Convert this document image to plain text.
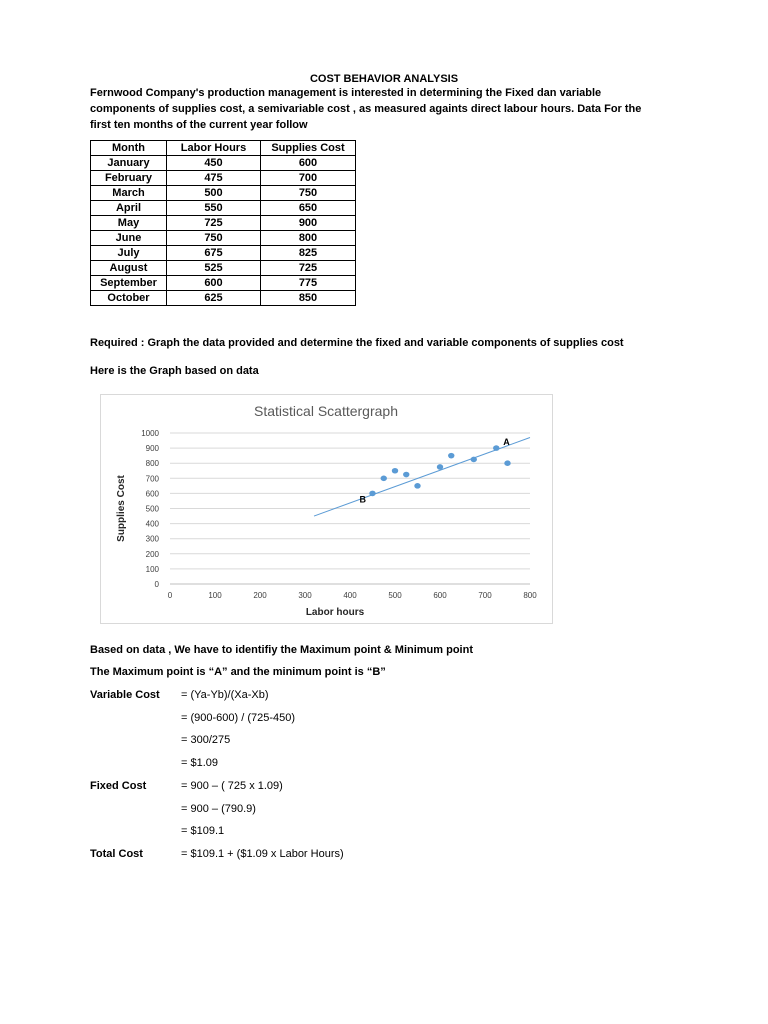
COST BEHAVIOR ANALYSIS
Fernwood Company's production management is interested in determining the Fixed dan variable
components of supplies cost, a semivariable cost , as measured againts direct labour hours. Data For the
first ten months of the current year follow
Month	Labor Hours	Supplies Cost
January	450	600
February	475	700
March	500	750
April	550	650
May	725	900
June	750	800
July	675	825
August	525	725
September	600	775
October	625	850
Required : Graph the data provided and determine the fixed and variable components of supplies cost
Here is the Graph based on data
Statistical Scattergraph
0
100
200
300
400
500
600
700
800
900
1000
0	100	200	300	400	500	600	700	800
Labor hours
Supplies Cost
A
B
Based on data , We have to identifiy the Maximum point & Minimum point
The Maximum point is “A” and the minimum point is “B”
Variable Cost = (Ya-Yb)/(Xa-Xb)
= (900-600) / (725-450)
= 300/275
= $1.09
Fixed Cost	= 900 – ( 725 x 1.09)
= 900 – (790.9)
= $109.1
Total Cost	= $109.1 + ($1.09 x Labor Hours)
